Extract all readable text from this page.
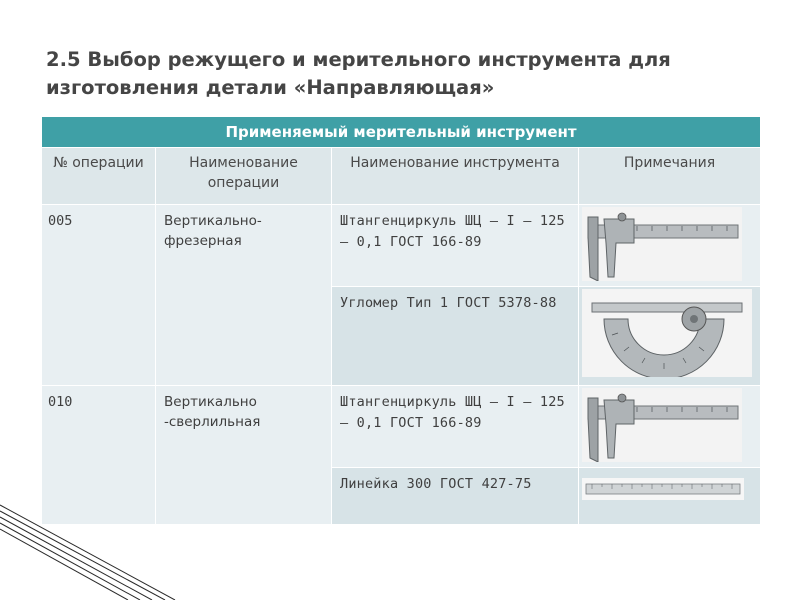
2.5 Выбор режущего и мерительного инструмента для изготовления детали «Направляющая»
Применяемый мерительный инструмент			

№ операции	Наименование операции	Наименование инструмента	Примечания

005	Вертикально-фрезерная	Штангенциркуль ШЦ – I – 125 – 0,1 ГОСТ 166-89	

		Угломер Тип 1 ГОСТ 5378-88	

010	Вертикально -сверлильная	Штангенциркуль ШЦ – I – 125 – 0,1 ГОСТ 166-89	

		Линейка 300 ГОСТ 427-75	
